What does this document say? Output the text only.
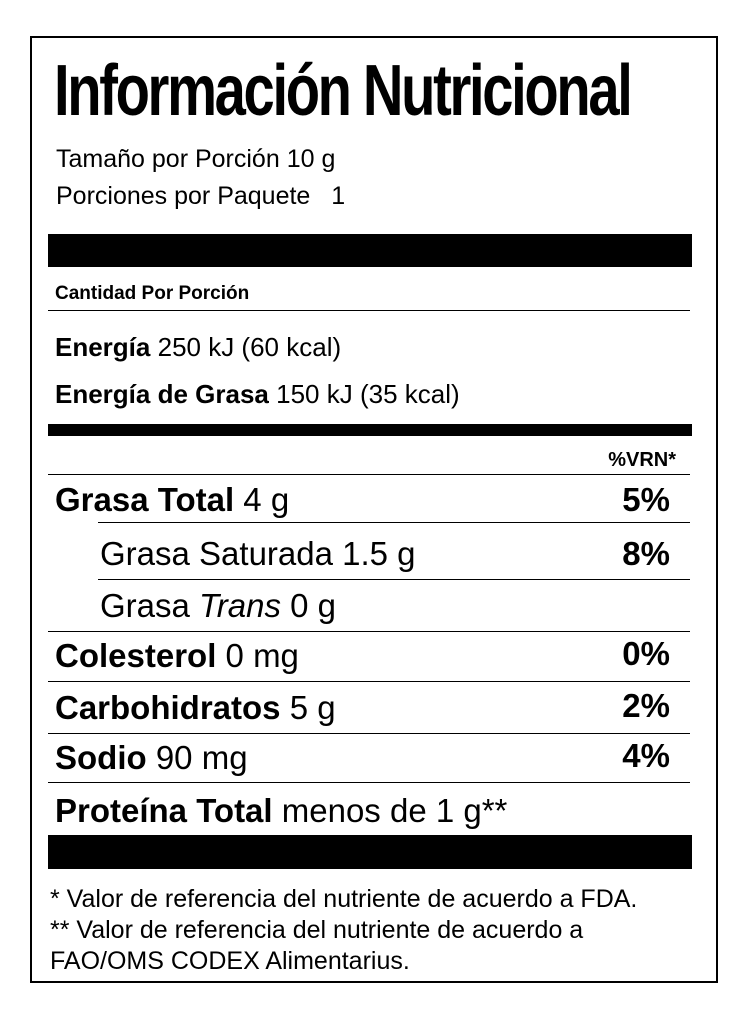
Información Nutricional
Tamaño por Porción 10 g
Porciones por Paquete 1
Cantidad Por Porción
Energía 250 kJ (60 kcal)
Energía de Grasa 150 kJ (35 kcal)
%VRN*
Grasa Total 4 g	5%
Grasa Saturada 1.5 g	8%
Grasa Trans 0 g
Colesterol 0 mg	0%
Carbohidratos 5 g	2%
Sodio 90 mg	4%
Proteína Total menos de 1 g**
* Valor de referencia del nutriente de acuerdo a FDA.
** Valor de referencia del nutriente de acuerdo a
FAO/OMS CODEX Alimentarius.
